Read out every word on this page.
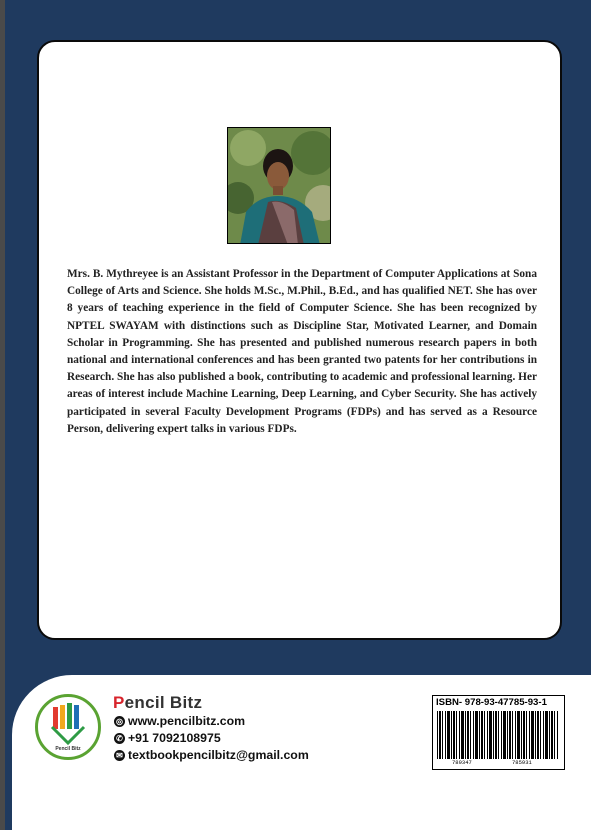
Mrs. B. Mythreyee is an Assistant Professor in the Department of Computer Applications at Sona College of Arts and Science. She holds M.Sc., M.Phil., B.Ed., and has qualified NET. She has over 8 years of teaching experience in the field of Computer Science. She has been recognized by NPTEL SWAYAM with distinctions such as Discipline Star, Motivated Learner, and Domain Scholar in Programming. She has presented and published numerous research papers in both national and international conferences and has been granted two patents for her contributions in Research. She has also published a book, contributing to academic and professional learning. Her areas of interest include Machine Learning, Deep Learning, and Cyber Security. She has actively participated in several Faculty Development Programs (FDPs) and has served as a Resource Person, delivering expert talks in various FDPs.
Pencil Bitz
Pencil Bitz
◎ www.pencilbitz.com
✆ +91 7092108975
✉ textbookpencilbitz@gmail.com
ISBN- 978-93-47785-93-1
789347	785931
